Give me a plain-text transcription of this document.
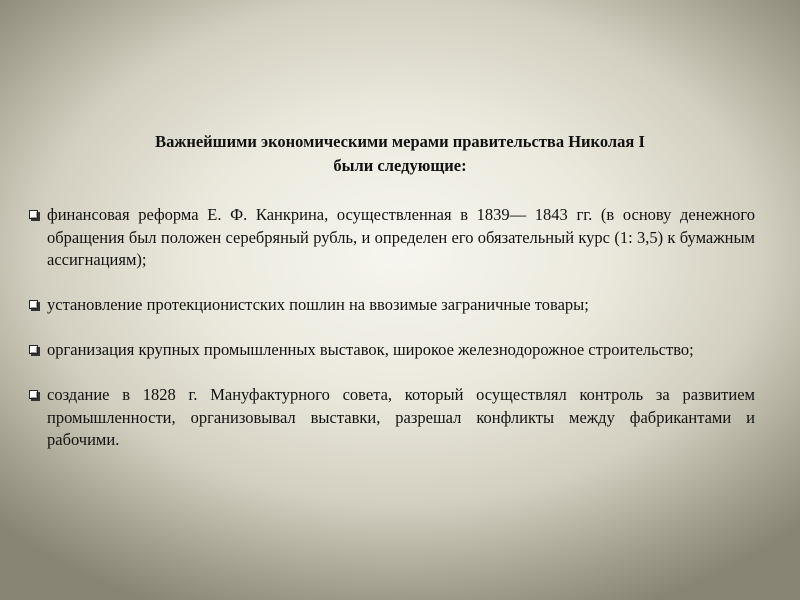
Важнейшими экономическими мерами правительства Николая I
были следующие:
финансовая реформа Е. Ф. Канкрина, осуществленная в 1839— 1843 гг. (в основу денежного обращения был положен серебряный рубль, и определен его обязательный курс (1: 3,5) к бумажным ассигнациям);
установление протекционистских пошлин на ввозимые заграничные товары;
организация крупных промышленных выставок, широкое железнодорожное строительство;
создание в 1828 г. Мануфактурного совета, который осуществлял контроль за развитием промышленности, организовывал выставки, разрешал конфликты между фабрикантами и рабочими.
